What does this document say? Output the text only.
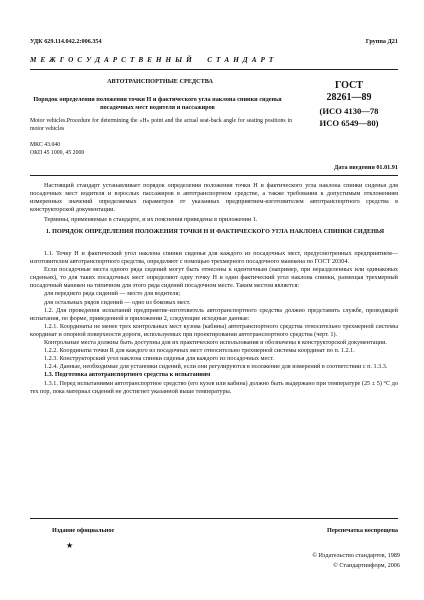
УДК 629.114.042.2:006.354	Группа Д21
М Е Ж Г О С У Д А Р С Т В Е Н Н Ы Й     С Т А Н Д А Р Т
АВТОТРАНСПОРТНЫЕ СРЕДСТВА
Порядок определения положения точки H и фактического угла наклона спинки сиденья посадочных мест водителя и пассажиров
Motor vehicles.Procedure for determining the «H» point and the actual seat-back angle for seating positions in motor vehicles
МКС 43.040
ОКП 45 1000, 45 2000
ГОСТ
28261—89
(ИСО 4130—78
ИСО 6549—80)
Дата введения 01.01.91
Настоящий стандарт устанавливает порядок определения положения точки H и фактического угла наклона спинки сиденья для посадочных мест водителя и взрослых пассажиров в автотранспортном средстве, а также требования к допустимым отклонениям измеренных значений определяемых параметров от указанных предприятием-изготовителем автотранспортного средства в конструкторской документации.
Термины, применяемые в стандарте, и их пояснения приведены в приложении 1.
1. ПОРЯДОК ОПРЕДЕЛЕНИЯ ПОЛОЖЕНИЯ ТОЧКИ H И ФАКТИЧЕСКОГО УГЛА НАКЛОНА СПИНКИ СИДЕНЬЯ

1.1. Точку H и фактический угол наклона спинки сиденья для каждого из посадочных мест, предусмотренных предприятием—изготовителем автотранспортного средства, определяют с помощью трехмерного посадочного манекена по ГОСТ 20304.

Если посадочные места одного ряда сидений могут быть отнесены к идентичным (например, при неразделенных или одинаковых сиденьях), то для таких посадочных мест определяют одну точку H и один фактический угол наклона спинки, размещая трехмерный посадочный манекен на типичном для этого ряда сидений посадочном месте. Таким местом является:

для переднего ряда сидений — место для водителя;

для остальных рядов сидений — одно из боковых мест.

1.2. Для проведения испытаний предприятие-изготовитель автотранспортного средства должно представить службе, проводящей испытания, по форме, приведенной в приложении 2, следующие исходные данные:

1.2.1. Координаты не менее трех контрольных мест кузова (кабины) автотранспортного средства относительно трехмерной системы координат и опорной поверхности дороги, используемых при проектировании автотранспортного средства (черт. 1).

Контрольные места должны быть доступны для их практического использования и обозначены в конструкторской документации.

1.2.2. Координаты точки R для каждого из посадочных мест относительно трехмерной системы координат по п. 1.2.1.

1.2.3. Конструкторский угол наклона спинки сиденья для каждого из посадочных мест.

1.2.4. Данные, необходимые для установки сидений, если они регулируются в положение для измерений в соответствии с п. 1.3.3.

1.3. Подготовка автотранспортного средства к испытаниям

1.3.1. Перед испытаниями автотранспортное средство (его кузов или кабина) должно быть выдержано при температуре (25 ± 5) °С до тех пор, пока материал сидений не достигнет указанной выше температуры.

Издание официальное	Перепечатка воспрещена
★
© Издательство стандартов, 1989
© Стандартинформ, 2006
